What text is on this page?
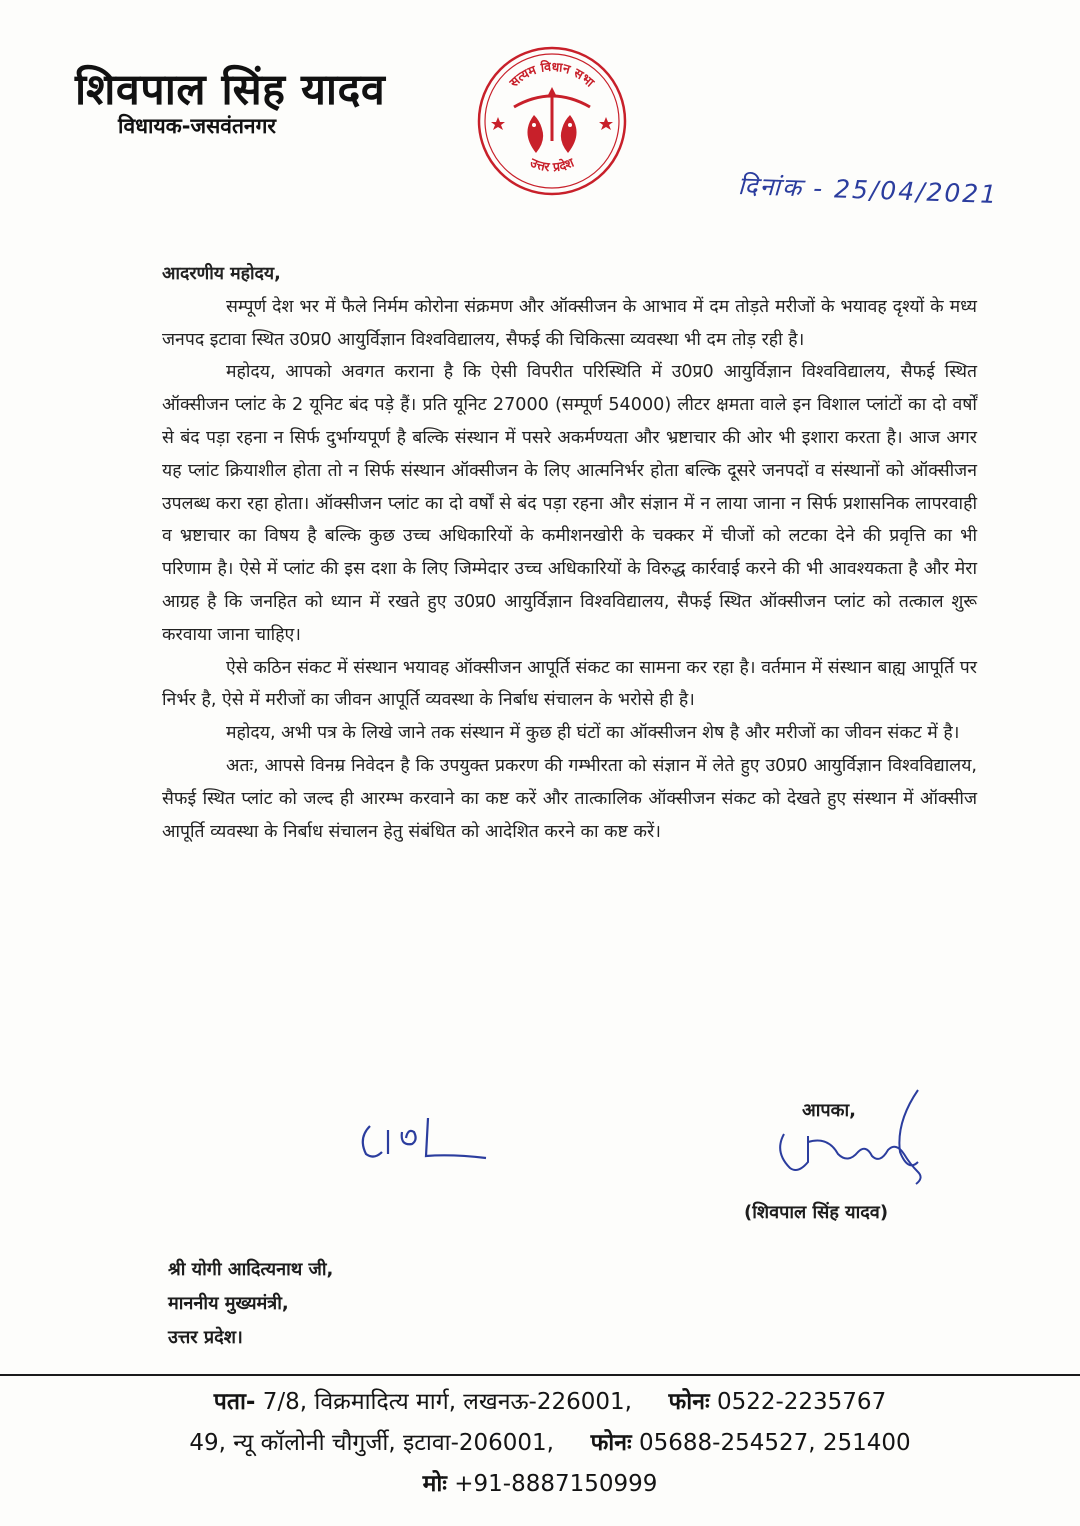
शिवपाल सिंह यादव
विधायक-जसवंतनगर
सत्यम विधान सभा
उत्तर प्रदेश
दिनांक - 25/04/2021

आदरणीय महोदय,

सम्पूर्ण देश भर में फैले निर्मम कोरोना संक्रमण और ऑक्सीजन के आभाव में दम तोड़ते मरीजों के भयावह दृश्यों के मध्य जनपद इटावा स्थित उ0प्र0 आयुर्विज्ञान विश्वविद्यालय, सैफई की चिकित्सा व्यवस्था भी दम तोड़ रही है।

महोदय, आपको अवगत कराना है कि ऐसी विपरीत परिस्थिति में उ0प्र0 आयुर्विज्ञान विश्वविद्यालय, सैफई स्थित ऑक्सीजन प्लांट के 2 यूनिट बंद पड़े हैं। प्रति यूनिट 27000 (सम्पूर्ण 54000) लीटर क्षमता वाले इन विशाल प्लांटों का दो वर्षों से बंद पड़ा रहना न सिर्फ दुर्भाग्यपूर्ण है बल्कि संस्थान में पसरे अकर्मण्यता और भ्रष्टाचार की ओर भी इशारा करता है। आज अगर यह प्लांट क्रियाशील होता तो न सिर्फ संस्थान ऑक्सीजन के लिए आत्मनिर्भर होता बल्कि दूसरे जनपदों व संस्थानों को ऑक्सीजन उपलब्ध करा रहा होता। ऑक्सीजन प्लांट का दो वर्षों से बंद पड़ा रहना और संज्ञान में न लाया जाना न सिर्फ प्रशासनिक लापरवाही व भ्रष्टाचार का विषय है बल्कि कुछ उच्च अधिकारियों के कमीशनखोरी के चक्कर में चीजों को लटका देने की प्रवृत्ति का भी परिणाम है। ऐसे में प्लांट की इस दशा के लिए जिम्मेदार उच्च अधिकारियों के विरुद्ध कार्रवाई करने की भी आवश्यकता है और मेरा आग्रह है कि जनहित को ध्यान में रखते हुए उ0प्र0 आयुर्विज्ञान विश्वविद्यालय, सैफई स्थित ऑक्सीजन प्लांट को तत्काल शुरू करवाया जाना चाहिए।

ऐसे कठिन संकट में संस्थान भयावह ऑक्सीजन आपूर्ति संकट का सामना कर रहा है। वर्तमान में संस्थान बाह्य आपूर्ति पर निर्भर है, ऐसे में मरीजों का जीवन आपूर्ति व्यवस्था के निर्बाध संचालन के भरोसे ही है।

महोदय, अभी पत्र के लिखे जाने तक संस्थान में कुछ ही घंटों का ऑक्सीजन शेष है और मरीजों का जीवन संकट में है।

अतः, आपसे विनम्र निवेदन है कि उपयुक्त प्रकरण की गम्भीरता को संज्ञान में लेते हुए उ0प्र0 आयुर्विज्ञान विश्वविद्यालय, सैफई स्थित प्लांट को जल्द ही आरम्भ करवाने का कष्ट करें और तात्कालिक ऑक्सीजन संकट को देखते हुए संस्थान में ऑक्सीज आपूर्ति व्यवस्था के निर्बाध संचालन हेतु संबंधित को आदेशित करने का कष्ट करें।

आपका,
(शिवपाल सिंह यादव)
श्री योगी आदित्यनाथ जी,
माननीय मुख्यमंत्री,
उत्तर प्रदेश।
पता- 7/8, विक्रमादित्य मार्ग, लखनऊ-226001, फोनः 0522-2235767
49, न्यू कॉलोनी चौगुर्जी, इटावा-206001, फोनः 05688-254527, 251400
मोः +91-8887150999
